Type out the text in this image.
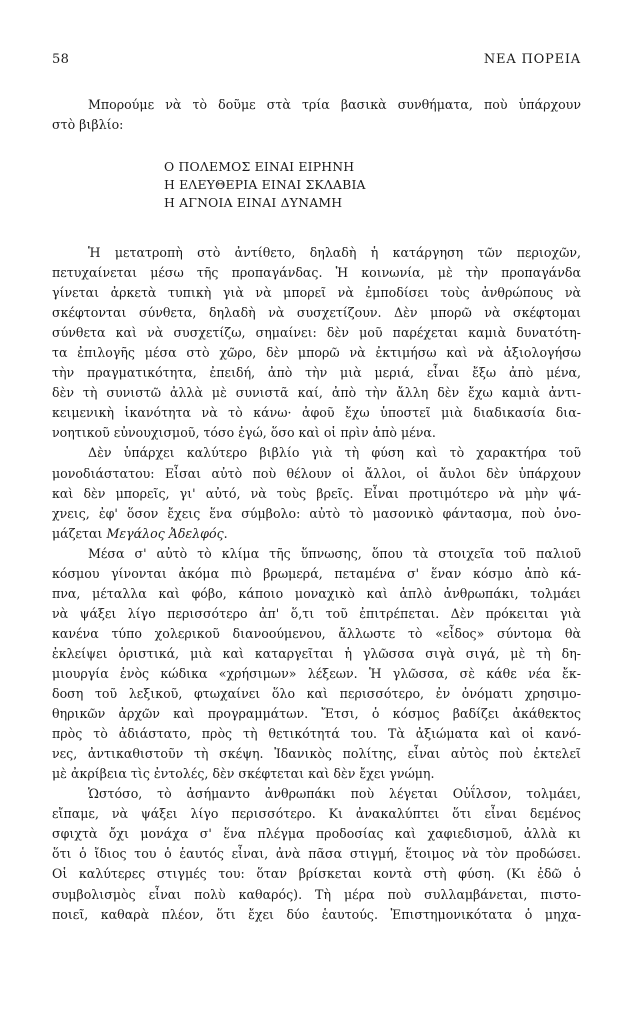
58	ΝΕΑ ΠΟΡΕΙΑ
Μπορούμε νὰ τὸ δοῦμε στὰ τρία βασικὰ συνθήματα, ποὺ ὑπάρχουν
στὸ βιβλίο:
Ο ΠΟΛΕΜΟΣ ΕΙΝΑΙ ΕΙΡΗΝΗ
Η ΕΛΕΥΘΕΡΙΑ ΕΙΝΑΙ ΣΚΛΑΒΙΑ
Η ΑΓΝΟΙΑ ΕΙΝΑΙ ΔΥΝΑΜΗ
Ἡ μετατροπὴ στὸ ἀντίθετο, δηλαδὴ ἡ κατάργηση τῶν περιοχῶν,
πετυχαίνεται μέσω τῆς προπαγάνδας. Ἡ κοινωνία, μὲ τὴν προπαγάνδα
γίνεται ἀρκετὰ τυπικὴ γιὰ νὰ μπορεῖ νὰ ἐμποδίσει τοὺς ἀνθρώπους νὰ
σκέφτονται σύνθετα, δηλαδὴ νὰ συσχετίζουν. Δὲν μπορῶ νὰ σκέφτομαι
σύνθετα καὶ νὰ συσχετίζω, σημαίνει: δὲν μοῦ παρέχεται καμιὰ δυνατότη-
τα ἐπιλογῆς μέσα στὸ χῶρο, δὲν μπορῶ νὰ ἐκτιμήσω καὶ νὰ ἀξιολογήσω
τὴν πραγματικότητα, ἐπειδή, ἀπὸ τὴν μιὰ μεριά, εἶναι ἔξω ἀπὸ μένα,
δὲν τὴ συνιστῶ ἀλλὰ μὲ συνιστᾶ καί, ἀπὸ τὴν ἄλλη δὲν ἔχω καμιὰ ἀντι-
κειμενικὴ ἱκανότητα νὰ τὸ κάνω· ἀφοῦ ἔχω ὑποστεῖ μιὰ διαδικασία δια-
νοητικοῦ εὐνουχισμοῦ, τόσο ἐγώ, ὅσο καὶ οἱ πρὶν ἀπὸ μένα.
Δὲν ὑπάρχει καλύτερο βιβλίο γιὰ τὴ φύση καὶ τὸ χαρακτήρα τοῦ
μονοδιάστατου: Εἶσαι αὐτὸ ποὺ θέλουν οἱ ἄλλοι, οἱ ἄυλοι δὲν ὑπάρχουν
καὶ δὲν μπορεῖς, γι' αὐτό, νὰ τοὺς βρεῖς. Εἶναι προτιμότερο νὰ μὴν ψά-
χνεις, ἐφ' ὅσον ἔχεις ἕνα σύμβολο: αὐτὸ τὸ μασονικὸ φάντασμα, ποὺ ὀνο-
μάζεται Μεγάλος Ἀδελφός.
Μέσα σ' αὐτὸ τὸ κλίμα τῆς ὕπνωσης, ὅπου τὰ στοιχεῖα τοῦ παλιοῦ
κόσμου γίνονται ἀκόμα πιὸ βρωμερά, πεταμένα σ' ἕναν κόσμο ἀπὸ κά-
πνα, μέταλλα καὶ φόβο, κάποιο μοναχικὸ καὶ ἁπλὸ ἀνθρωπάκι, τολμάει
νὰ ψάξει λίγο περισσότερο ἀπ' ὅ,τι τοῦ ἐπιτρέπεται. Δὲν πρόκειται γιὰ
κανένα τύπο χολερικοῦ διανοούμενου, ἄλλωστε τὸ «εἶδος» σύντομα θὰ
ἐκλείψει ὁριστικά, μιὰ καὶ καταργεῖται ἡ γλῶσσα σιγὰ σιγά, μὲ τὴ δη-
μιουργία ἑνὸς κώδικα «χρήσιμων» λέξεων. Ἡ γλῶσσα, σὲ κάθε νέα ἔκ-
δοση τοῦ λεξικοῦ, φτωχαίνει ὅλο καὶ περισσότερο, ἐν ὀνόματι χρησιμο-
θηρικῶν ἀρχῶν καὶ προγραμμάτων. Ἔτσι, ὁ κόσμος βαδίζει ἀκάθεκτος
πρὸς τὸ ἀδιάστατο, πρὸς τὴ θετικότητά του. Τὰ ἀξιώματα καὶ οἱ κανό-
νες, ἀντικαθιστοῦν τὴ σκέψη. Ἰδανικὸς πολίτης, εἶναι αὐτὸς ποὺ ἐκτελεῖ
μὲ ἀκρίβεια τὶς ἐντολές, δὲν σκέφτεται καὶ δὲν ἔχει γνώμη.
Ὡστόσο, τὸ ἀσήμαντο ἀνθρωπάκι ποὺ λέγεται Οὐΐλσον, τολμάει,
εἴπαμε, νὰ ψάξει λίγο περισσότερο. Κι ἀνακαλύπτει ὅτι εἶναι δεμένος
σφιχτὰ ὄχι μονάχα σ' ἕνα πλέγμα προδοσίας καὶ χαφιεδισμοῦ, ἀλλὰ κι
ὅτι ὁ ἴδιος του ὁ ἑαυτός εἶναι, ἀνὰ πᾶσα στιγμή, ἕτοιμος νὰ τὸν προδώσει.
Οἱ καλύτερες στιγμές του: ὅταν βρίσκεται κοντὰ στὴ φύση. (Κι ἐδῶ ὁ
συμβολισμὸς εἶναι πολὺ καθαρός). Τὴ μέρα ποὺ συλλαμβάνεται, πιστο-
ποιεῖ, καθαρὰ πλέον, ὅτι ἔχει δύο ἑαυτούς. Ἐπιστημονικότατα ὁ μηχα-
